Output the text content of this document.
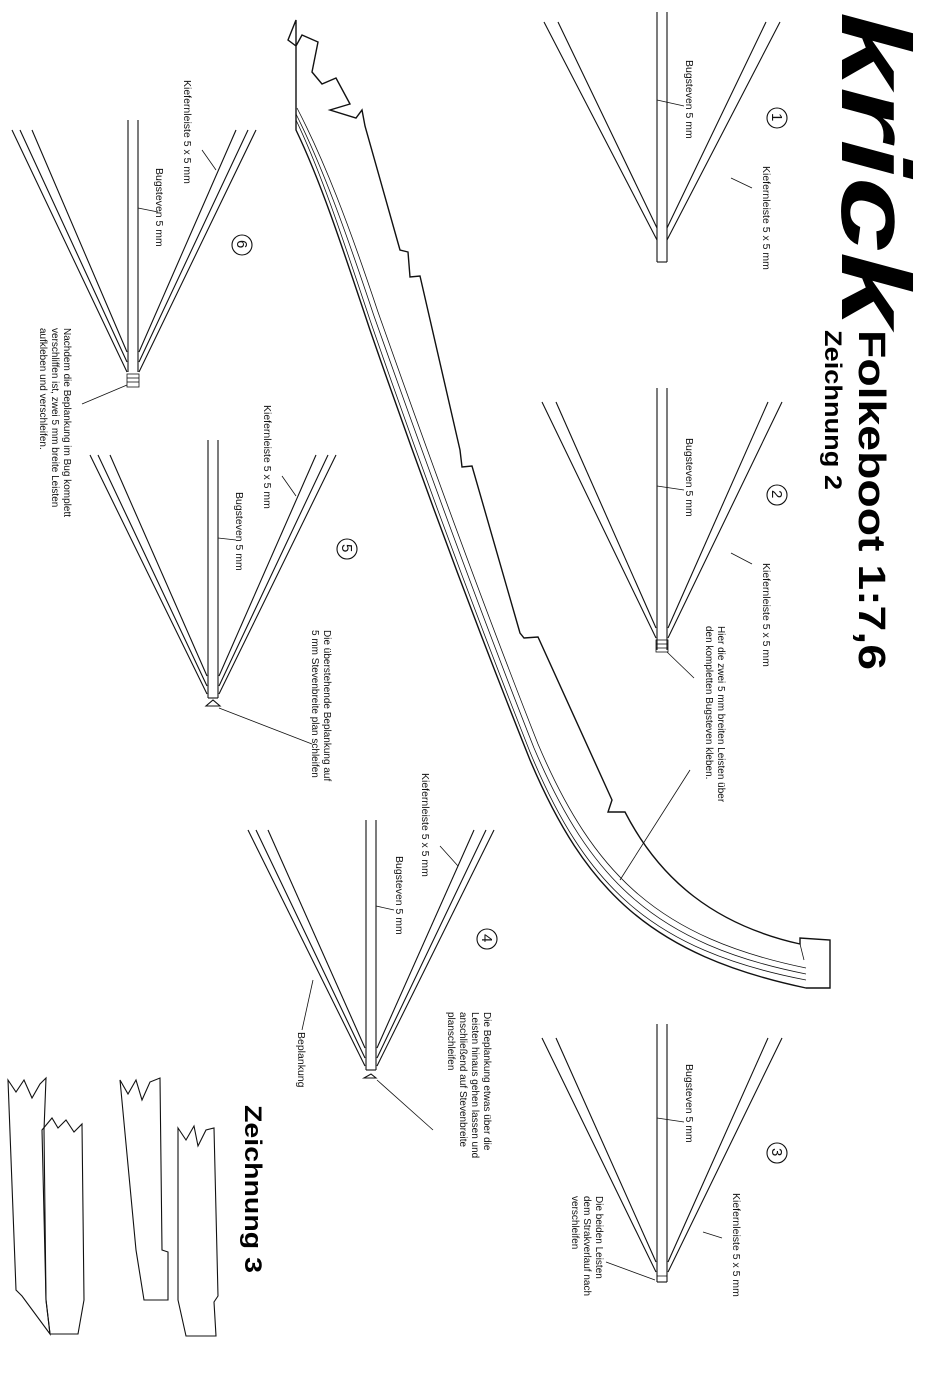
krick
Folkeboot 1:7,6
Zeichnung 2
Zeichnung 3
1
Bugsteven 5 mm
Kiefernleiste 5 x 5 mm
2
Bugsteven 5 mm
Kiefernleiste 5 x 5 mm
Hier die zwei 5 mm breiten Leisten über
den kompletten Bugsteven kleben.
3
Bugsteven 5 mm
Kiefernleiste 5 x 5 mm
Die beiden Leisten
dem Strakverlauf nach
verschleifen
4
Bugsteven 5 mm
Kiefernleiste 5 x 5 mm
Beplankung	Die Beplankung etwas über die
Leisten hinaus gehen lassen und
anschließend auf Stevenbreite
planschleifen
5
Bugsteven 5 mm
Kiefernleiste 5 x 5 mm
Die überstehende Beplankung auf
5 mm Stevenbreite plan schleifen
6
Bugsteven 5 mm
Kiefernleiste 5 x 5 mm
Nachdem die Beplankung im Bug komplett
verschliffen ist, zwei 5 mm breite Leisten
aufkleben und verschleifen.
